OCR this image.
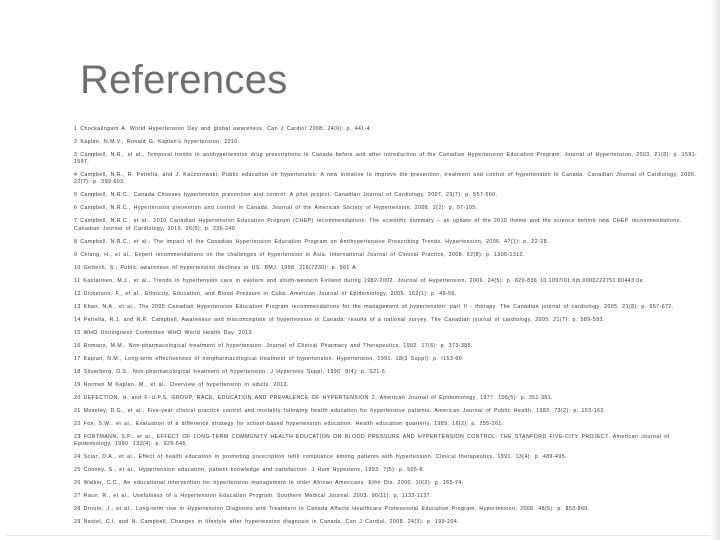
References
1 Chockalingam A. World Hypertension Day and global awareness. Can J Cardiol 2008; 24(6): p. 441-4.
2 Kaplan, N.M.V., Ronald G. Kaplan's hypertension. 2010.
3 Campbell, N.R., et al., Temporal trends in antihypertensive drug prescriptions in Canada before and after introduction of the Canadian Hypertension Education Program. Journal of Hypertension, 2003. 21(8): p. 1591-1597.
4 Campbell, N.R., R. Petrella, and J. Kaczorowski, Public education on hypertension: A new initiative to improve the prevention, treatment and control of hypertension in Canada. Canadian Journal of Cardiology, 2006. 22(7): p. 599-603.
5 Campbell, N.R.C., Canada Chooses hypertension prevention and control: A pilot project. Canadian Journal of Cardiology, 2007. 23(7): p. 557-560.
6 Campbell, N.R.C., Hypertension prevention and control in Canada. Journal of the American Society of Hypertension, 2008. 2(2): p. 97-105.
7 Campbell, N.R.C., et al., 2010 Canadian Hypertension Education Program (CHEP) recommendations: The scientific summary – an update of the 2010 theme and the science behind new CHEP recommendations. Canadian Journal of Cardiology, 2010. 26(5): p. 236-240.
8 Campbell, N.R.C., et al., The impact of the Canadian Hypertension Education Program on Antihypertensive Prescribing Trends. Hypertension, 2006. 47(1): p. 22-28.
9 Chiang, H., et al., Expert recommendations on the challenges of hypertension in Asia. International Journal of Clinical Practice, 2008. 62(8): p. 1306-1312.
10 Gettech, S., Public awareness of hypertension declines in US. BMJ, 1998. 316(7230): p. 581 A.
11 Kastarinen, M.J., et al., Trends in hypertension care in eastern and south-western Finland during 1982-2002. Journal of Hypertension, 2006. 24(5): p. 829-836 10.1097/01.hjh.0000222751.80443.0e.
12 Dickerson, F., et al., Ethnicity, Education, and Blood Pressure in Cuba. American Journal of Epidemiology, 2005. 162(1): p. 49-56.
13 Khan, N.A., et al., The 2005 Canadian Hypertension Education Program recommendations for the management of hypertension: part II - therapy. The Canadian journal of cardiology, 2005. 21(8): p. 657-672.
14 Petrella, R.J. and N.R. Campbell, Awareness and misconception of hypertension in Canada: results of a national survey. The Canadian journal of cardiology, 2005. 21(7): p. 589-593.
15 WHO Unitingness Committee WHO World Health Day. 2013.
16 Romano, M.M., Non-pharmacological treatment of hypertension. Journal of Clinical Pharmacy and Therapeutics, 1992. 17(6): p. 373-385.
17 Kaplan, N.M., Long-term effectiveness of nonpharmacological treatment of hypertension. Hypertension, 1991. 18(3 Suppl): p. I153-60.
18 Silverberg, D.S., Non-pharmacological treatment of hypertension. J Hypertens Suppl, 1990. 8(4): p. S21-6.
19 Norman M Kaplan, M., et al., Overview of hypertension in adults. 2012.
20 DEFECTION, H. and F.-U.P.S. GROUP, RACE, EDUCATION AND PREVALENCE OF HYPERTENSION 2. American Journal of Epidemiology, 1977. 106(5): p. 351-361.
21 Moseley, D.G., et al., Five-year clinical practice control and mortality following health education for hypertensive patients. American Journal of Public Health, 1983. 73(2): p. 153-162.
22 Fox, S.W., et al., Evaluation of a difference strategy for school-based hypertension education. Health education quarterly, 1989. 16(2): p. 255-261.
23 FORTMANN, S.P., et al., EFFECT OF LONG-TERM COMMUNITY HEALTH EDUCATION ON BLOOD PRESSURE AND HYPERTENSION CONTROL: THE STANFORD FIVE-CITY PROJECT. American Journal of Epidemiology, 1990. 132(4): p. 629-646.
24 Sclar, D.A., et al., Effect of health education in promoting prescription refill compliance among patients with hypertension. Clinical therapeutics, 1991. 13(4): p. 489-495.
25 Cooney, S., et al., Hypertension education, patient knowledge and satisfaction. J Hum Hypertens, 1993. 7(5): p. 505-8.
26 Walker, C.C., An educational intervention for hypertension management in older African Americans. Ethn Dis, 2000. 10(2): p. 165-74.
27 Race, R., et al., Usefulness of a Hypertension Education Program. Southern Medical Journal, 2003. 96(11): p. 1133-1137.
28 Drouin, J., et al., Long-term rise in Hypertension Diagnosis and Treatment in Canada Affects Healthcare Professional Education Program. Hypertension, 2008. 48(5): p. 853-860.
29 Nestel, C.I. and N. Campbell, Changes in lifestyle after hypertension diagnosis in Canada. Can J Cardiol, 2008. 24(3): p. 199-204.
